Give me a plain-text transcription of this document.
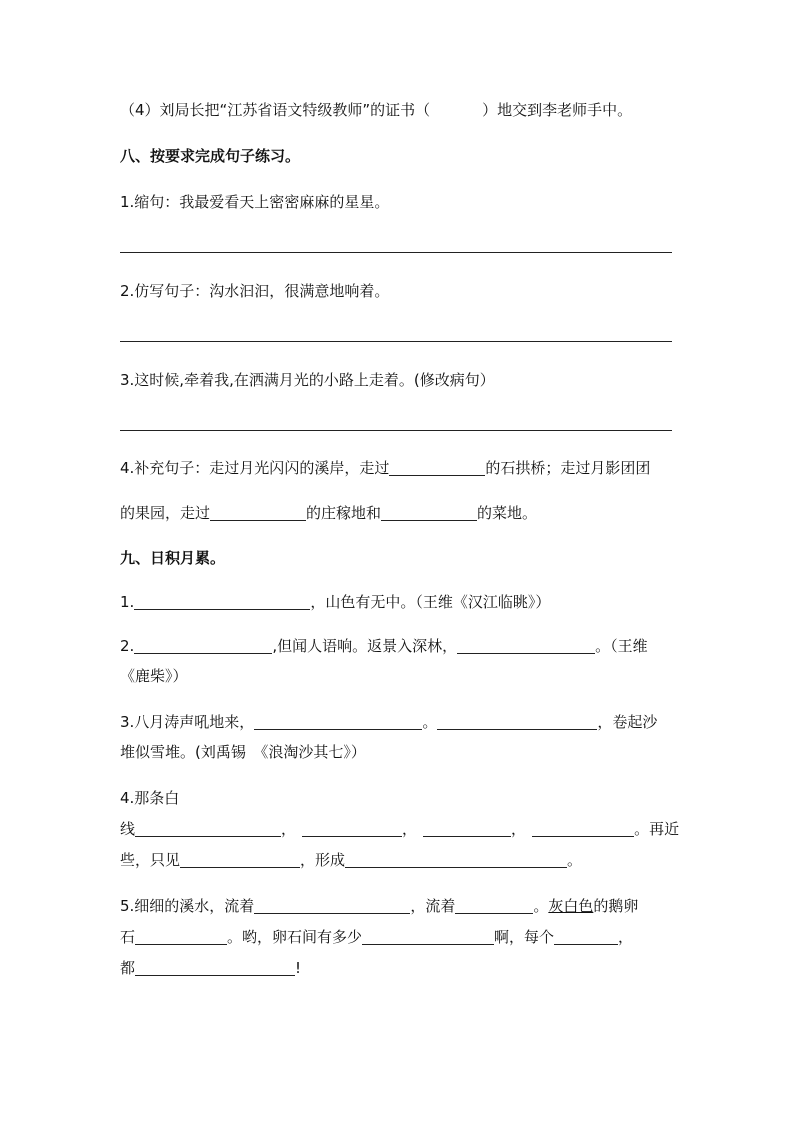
（4）刘局长把“江苏省语文特级教师”的证书（	）地交到李老师手中。
八、按要求完成句子练习。
1.缩句：我最爱看天上密密麻麻的星星。
2.仿写句子：沟水汩汩，很满意地响着。
3.这时候,牵着我,在洒满月光的小路上走着。(修改病句）
4.补充句子：走过月光闪闪的溪岸，走过	的石拱桥；走过月影团团
的果园，走过	的庄稼地和	的菜地。
九、日积月累。
1.	，山色有无中。（王维《汉江临眺》）
2.	,但闻人语响。返景入深林，	。（王维
《鹿柴》）
3.八月涛声吼地来，	。	，卷起沙
堆似雪堆。(刘禹锡　《浪淘沙其七》）
4.那条白
线	，	，	，	。再近
些，只见	，形成	。
5.细细的溪水，流着	，流着	。灰白色的鹅卵
石	。哟，卵石间有多少	啊，每个	，
都	!
